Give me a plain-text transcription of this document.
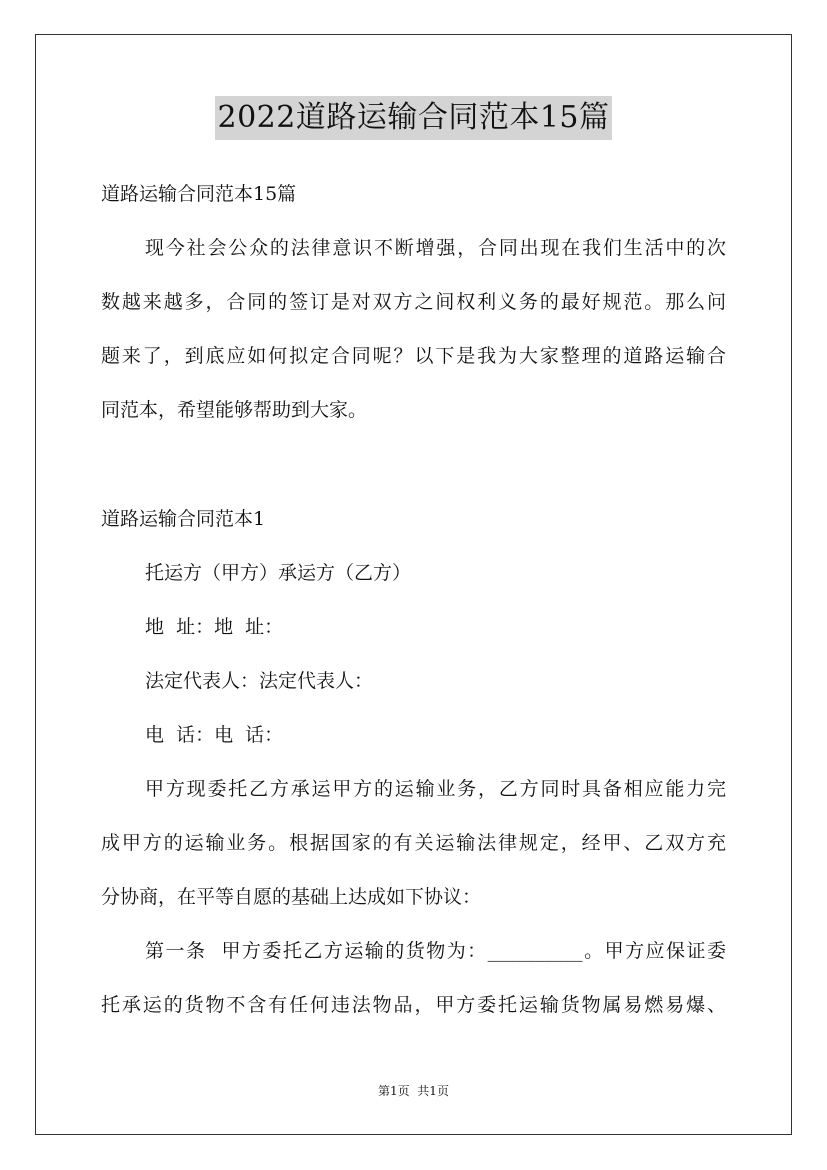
2022道路运输合同范本15篇
道路运输合同范本15篇
现今社会公众的法律意识不断增强，合同出现在我们生活中的次
数越来越多，合同的签订是对双方之间权利义务的最好规范。那么问
题来了，到底应如何拟定合同呢？以下是我为大家整理的道路运输合
同范本，希望能够帮助到大家。
道路运输合同范本1
托运方（甲方）承运方（乙方）
地  址：地  址：
法定代表人：法定代表人：
电  话：电  话：
甲方现委托乙方承运甲方的运输业务，乙方同时具备相应能力完
成甲方的运输业务。根据国家的有关运输法律规定，经甲、乙双方充
分协商，在平等自愿的基础上达成如下协议：
第一条  甲方委托乙方运输的货物为：__________。甲方应保证委
托承运的货物不含有任何违法物品，甲方委托运输货物属易燃易爆、
第1页  共1页
